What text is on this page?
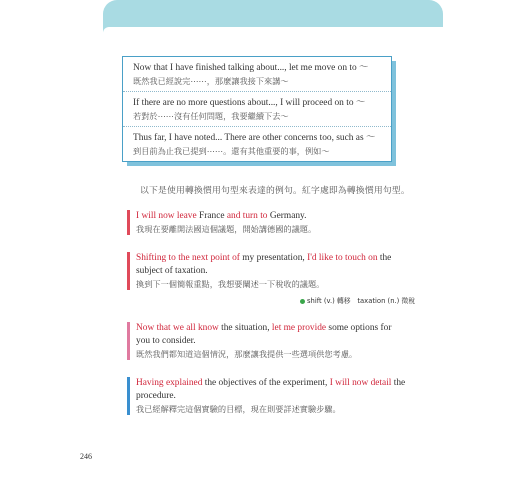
Now that I have finished talking about..., let me move on to ～
既然我已經說完⋯⋯，那麼讓我接下來講～
If there are no more questions about..., I will proceed on to ～
若對於⋯⋯沒有任何問題，我要繼續下去～
Thus far, I have noted... There are other concerns too, such as ～
到目前為止我已提到⋯⋯。還有其他重要的事，例如～
以下是使用轉換慣用句型來表達的例句。紅字處即為轉換慣用句型。
I will now leave France and turn to Germany.
我現在要離開法國這個議題，開始講德國的議題。
Shifting to the next point of my presentation, I'd like to touch on the subject of taxation.
換到下一個簡報重點，我想要闡述一下稅收的議題。
shift (v.) 轉移　taxation (n.) 徵稅
Now that we all know the situation, let me provide some options for you to consider.
既然我們都知道這個情況，那麼讓我提供一些選項供您考慮。
Having explained the objectives of the experiment, I will now detail the procedure.
我已經解釋完這個實驗的目標，現在則要詳述實驗步驟。
246
